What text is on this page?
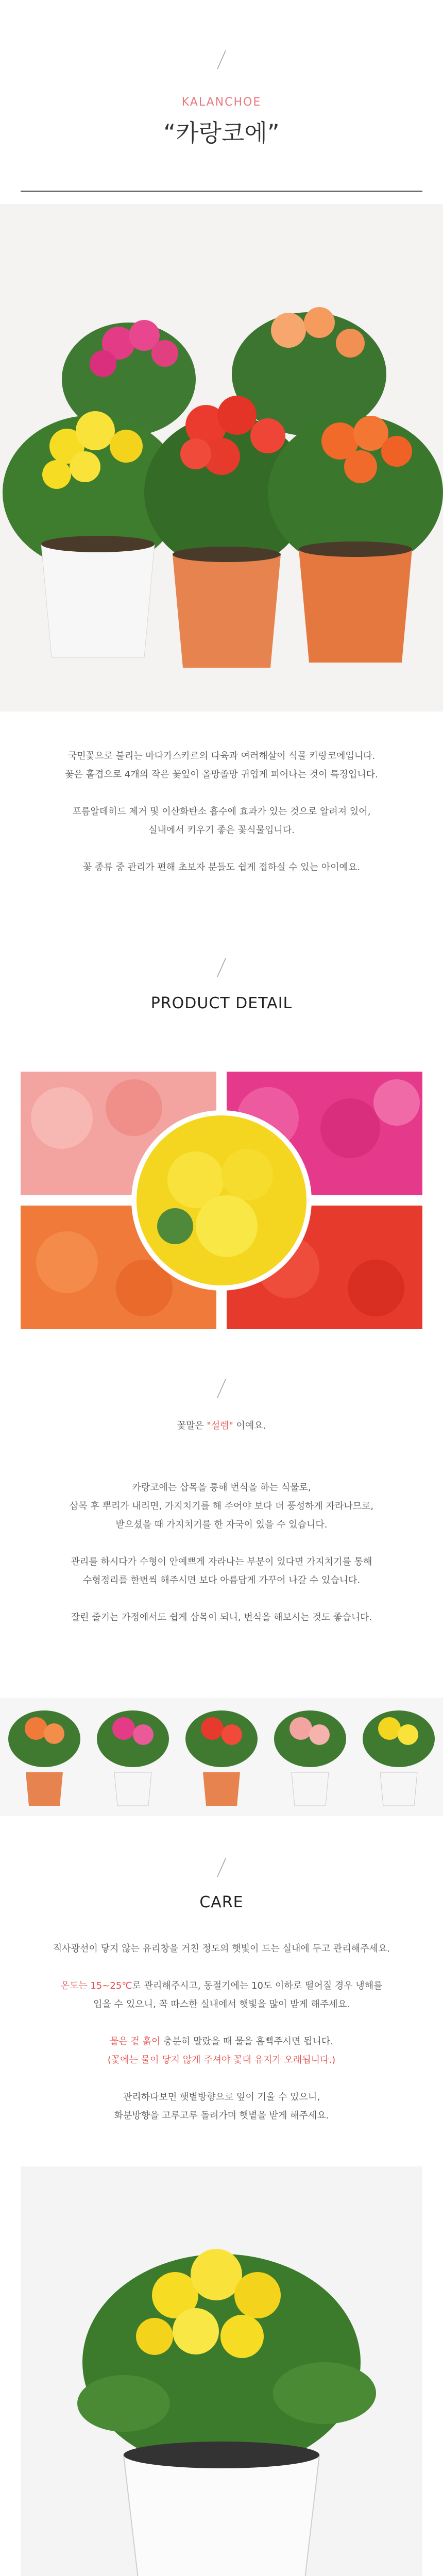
KALANCHOE
“카랑코에”
국민꽃으로 불리는 마다가스카르의 다육과 여러해살이 식물 카랑코에입니다.
꽃은 홑겹으로 4개의 작은 꽃잎이 올망졸망 귀엽게 피어나는 것이 특징입니다.
포름알데히드 제거 및 이산화탄소 흡수에 효과가 있는 것으로 알려져 있어,
실내에서 키우기 좋은 꽃식물입니다.
꽃 종류 중 관리가 편해 초보자 분들도 쉽게 접하실 수 있는 아이예요.
PRODUCT DETAIL
꽃말은 "설렘" 이예요.
카랑코에는 삽목을 통해 번식을 하는 식물로,
삽목 후 뿌리가 내리면, 가지치기를 해 주어야 보다 더 풍성하게 자라나므로,
받으셨을 때 가지치기를 한 자국이 있을 수 있습니다.
관리를 하시다가 수형이 안예쁘게 자라나는 부분이 있다면 가지치기를 통해
수형정리를 한번씩 해주시면 보다 아름답게 가꾸어 나갈 수 있습니다.
잘린 줄기는 가정에서도 쉽게 삽목이 되니, 번식을 해보시는 것도 좋습니다.
CARE
직사광선이 닿지 않는 유리창을 거친 정도의 햇빛이 드는 실내에 두고 관리해주세요.
온도는 15~25℃로 관리해주시고, 동절기에는 10도 이하로 떨어질 경우 냉해를
입을 수 있으니, 꼭 따스한 실내에서 햇빛을 많이 받게 해주세요.
물은 겉 흙이 충분히 말랐을 때 물을 흠뻑주시면 됩니다.
(꽃에는 물이 닿지 않게 주셔야 꽃대 유지가 오래됩니다.)
관리하다보면 햇볕방향으로 잎이 기울 수 있으니,
화분방향을 고루고루 돌려가며 햇볕을 받게 해주세요.
